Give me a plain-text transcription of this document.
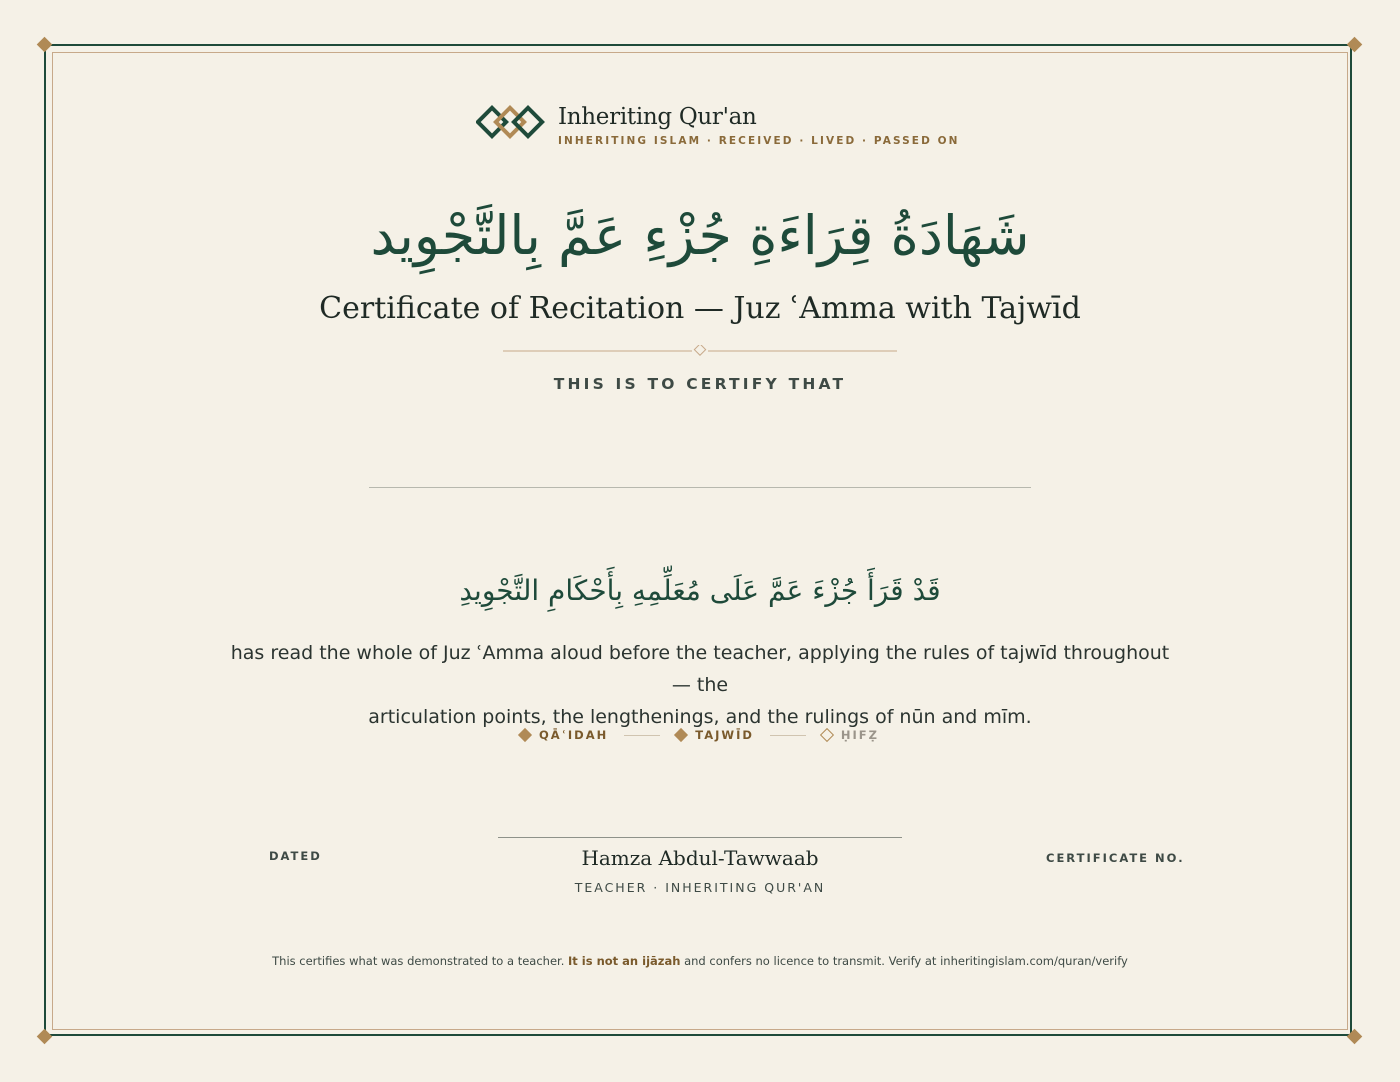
Inheriting Qur'an
INHERITING ISLAM · RECEIVED · LIVED · PASSED ON
شَهَادَةُ قِرَاءَةِ جُزْءِ عَمَّ بِالتَّجْوِيد
Certificate of Recitation — Juz ʿAmma with Tajwīd
THIS IS TO CERTIFY THAT
قَدْ قَرَأَ جُزْءَ عَمَّ عَلَى مُعَلِّمِهِ بِأَحْكَامِ التَّجْوِيدِ
has read the whole of Juz ʿAmma aloud before the teacher, applying the rules of tajwīd throughout — the
articulation points, the lengthenings, and the rulings of nūn and mīm.
QĀʿIDAH	TAJWĪD	ḤIFẒ
DATED	Hamza Abdul-Tawwaab
TEACHER · INHERITING QUR'AN
CERTIFICATE NO.
This certifies what was demonstrated to a teacher. It is not an ijāzah and confers no licence to transmit. Verify at inheritingislam.com/quran/verify
